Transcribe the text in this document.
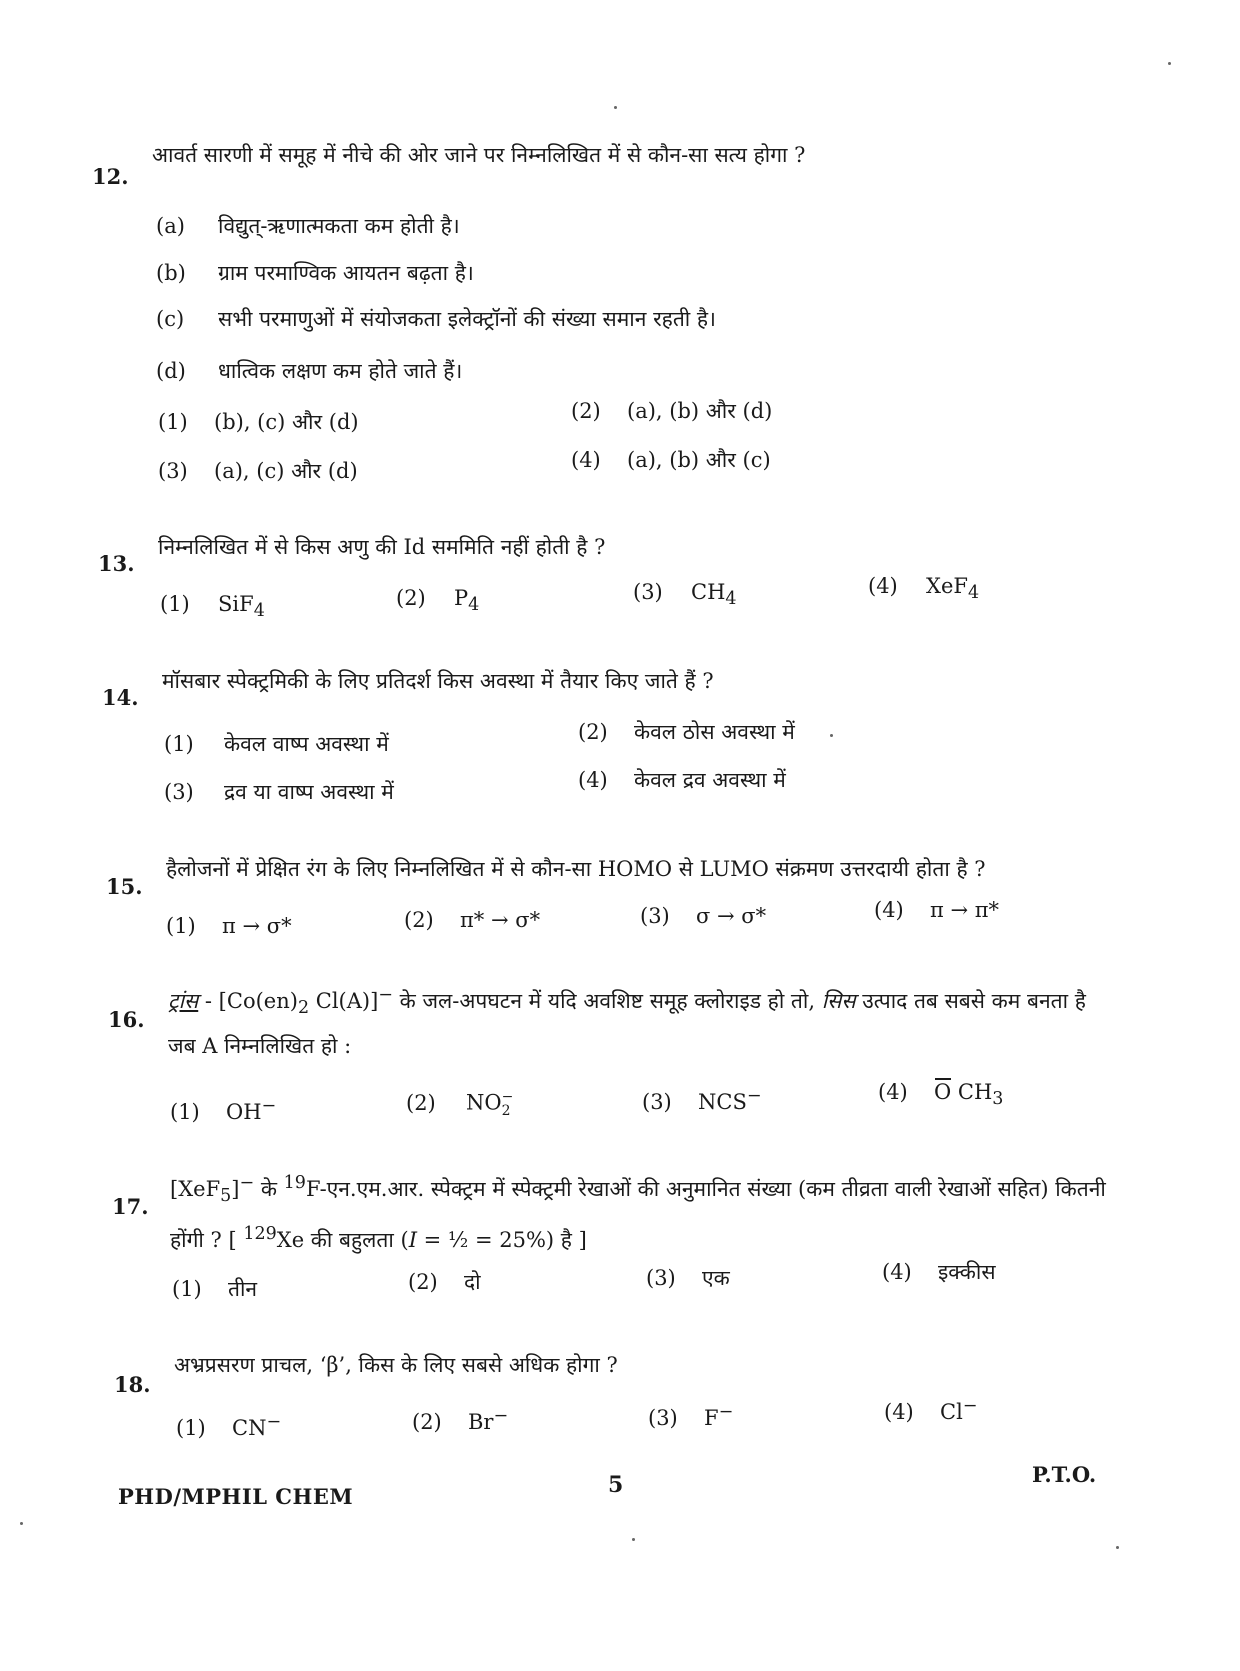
12.
आवर्त सारणी में समूह में नीचे की ओर जाने पर निम्नलिखित में से कौन-सा सत्य होगा ?
(a) विद्युत्-ऋणात्मकता कम होती है।
(b) ग्राम परमाण्विक आयतन बढ़ता है।
(c) सभी परमाणुओं में संयोजकता इलेक्ट्रॉनों की संख्या समान रहती है।
(d) धात्विक लक्षण कम होते जाते हैं।
(1) (b), (c) और (d)	(2) (a), (b) और (d)
(3) (a), (c) और (d)	(4) (a), (b) और (c)
13.
निम्नलिखित में से किस अणु की Id सममिति नहीं होती है ?
(1) SiF$_4$
(2) $P_4$
(3) $CH_4$
(4) XeF$_4$
14.
मॉसबार स्पेक्ट्रमिकी के लिए प्रतिदर्श किस अवस्था में तैयार किए जाते हैं ?
(1) केवल वाष्प अवस्था में	(2) केवल ठोस अवस्था में
(3) द्रव या वाष्प अवस्था में	(4) केवल द्रव अवस्था में
15.
हैलोजनों में प्रेक्षित रंग के लिए निम्नलिखित में से कौन-सा HOMO से LUMO संक्रमण उत्तरदायी होता है ?
(1) π → σ*	(2) π* → σ*	(3) σ → σ*	(4) π → π*
16.
ट्रांस - [$Co(en)_2$ Cl(A)]− के जल-अपघटन में यदि अवशिष्ट समूह क्लोराइड हो तो, सिस उत्पाद तब सबसे कम बनता है जब A निम्नलिखित हो :
(1) OH−	(2) NO −
2	(3) NCS−	(4) O $CH_3$
17.
[XeF$_5$]− के $^{19}$F-एन.एम.आर. स्पेक्ट्रम में स्पेक्ट्रमी रेखाओं की अनुमानित संख्या (कम तीव्रता वाली रेखाओं सहित) कितनी होंगी ? [ $^{129}$Xe की बहुलता (I = ½ = 25%) है ]
(1) तीन	(2) दो	(3) एक	(4) इक्कीस
18.
अभ्रप्रसरण प्राचल, ‘β’, किस के लिए सबसे अधिक होगा ?
(1) CN−	(2) Br−	(3) F−	(4) Cl−
PHD/MPHIL CHEM	5	P.T.O.
